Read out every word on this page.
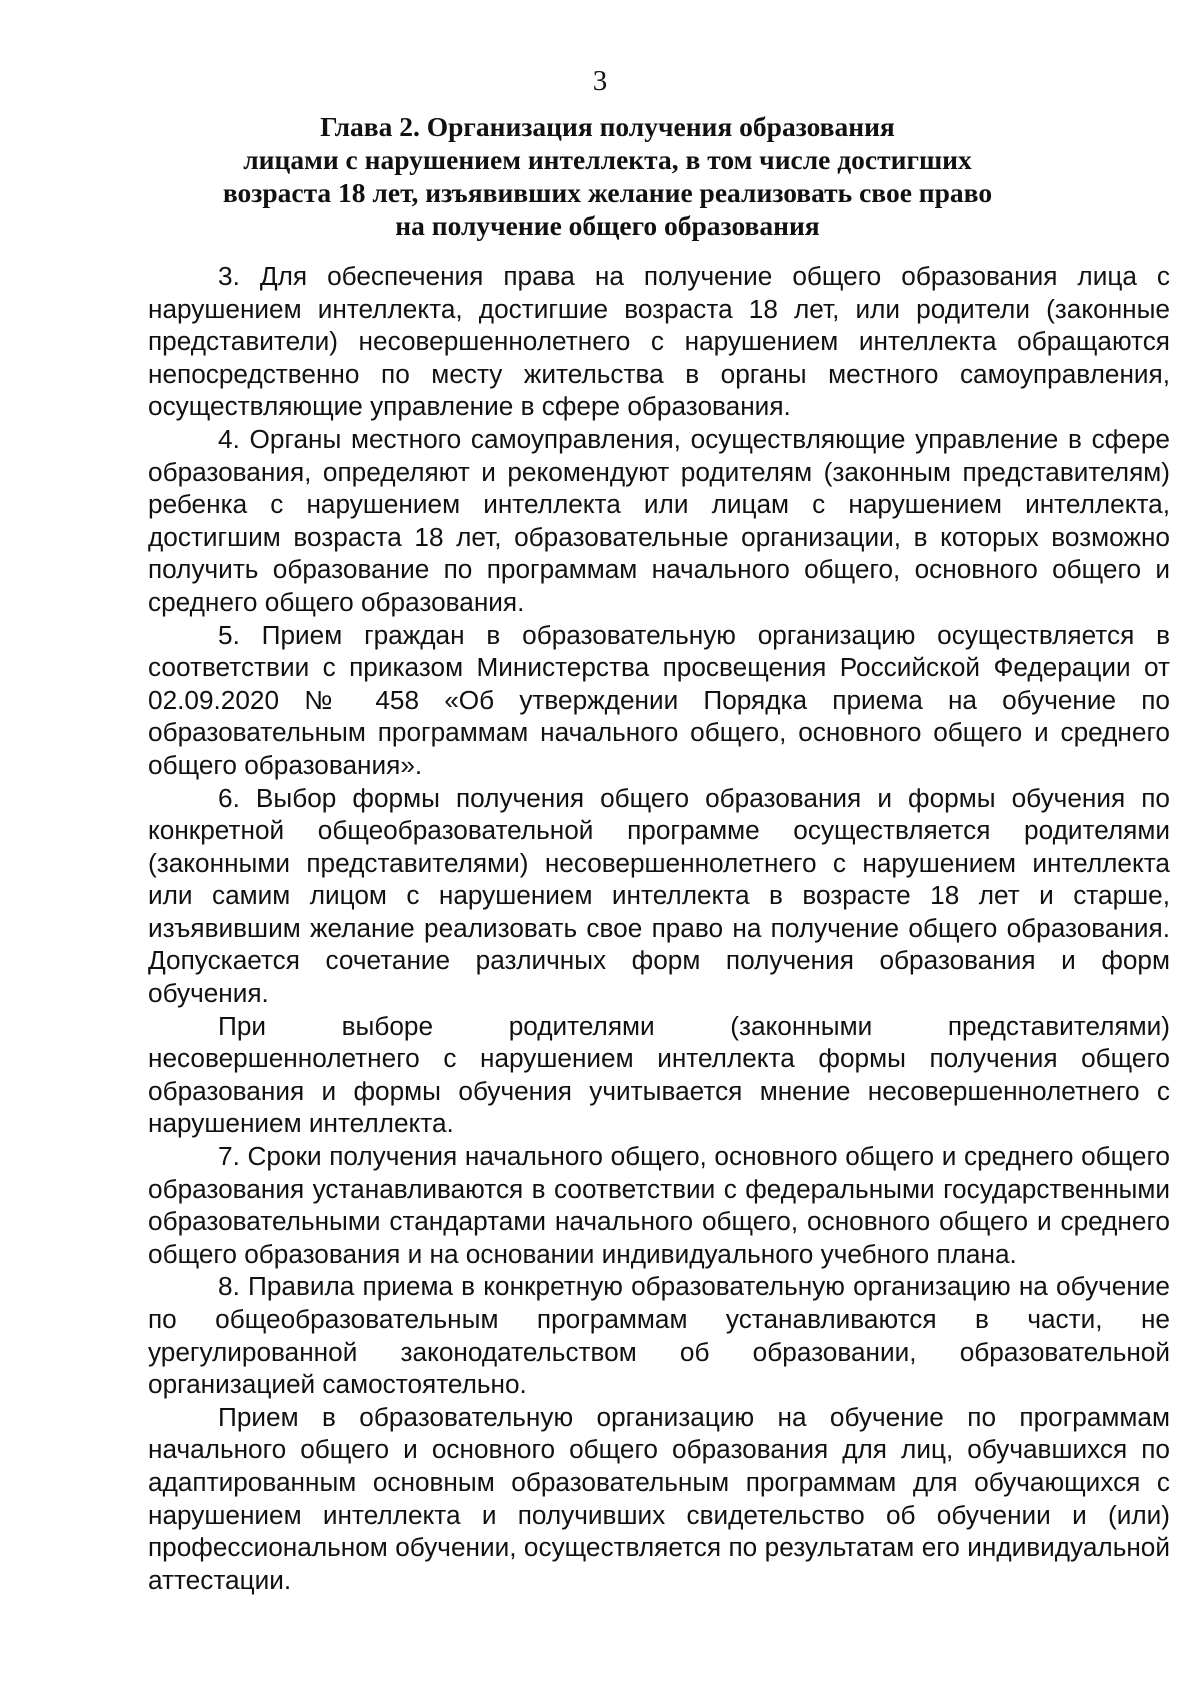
3
Глава 2. Организация получения образования
лицами с нарушением интеллекта, в том числе достигших
возраста 18 лет, изъявивших желание реализовать свое право
на получение общего образования

3. Для обеспечения права на получение общего образования лица с нарушением интеллекта, достигшие возраста 18 лет, или родители (законные представители) несовершеннолетнего с нарушением интеллекта обращаются непосредственно по месту жительства в органы местного самоуправления, осуществляющие управление в сфере образования.

4. Органы местного самоуправления, осуществляющие управление в сфере образования, определяют и рекомендуют родителям (законным представителям) ребенка с нарушением интеллекта или лицам с нарушением интеллекта, достигшим возраста 18 лет, образовательные организации, в которых возможно получить образование по программам начального общего, основного общего и среднего общего образования.

5. Прием граждан в образовательную организацию осуществляется в соответствии с приказом Министерства просвещения Российской Федерации от 02.09.2020 № 458 «Об утверждении Порядка приема на обучение по образовательным программам начального общего, основного общего и среднего общего образования».

6. Выбор формы получения общего образования и формы обучения по конкретной общеобразовательной программе осуществляется родителями (законными представителями) несовершеннолетнего с нарушением интеллекта или самим лицом с нарушением интеллекта в возрасте 18 лет и старше, изъявившим желание реализовать свое право на получение общего образования. Допускается сочетание различных форм получения образования и форм обучения.

При выборе родителями (законными представителями) несовершеннолетнего с нарушением интеллекта формы получения общего образования и формы обучения учитывается мнение несовершеннолетнего с нарушением интеллекта.

7. Сроки получения начального общего, основного общего и среднего общего образования устанавливаются в соответствии с федеральными государственными образовательными стандартами начального общего, основного общего и среднего общего образования и на основании индивидуального учебного плана.

8. Правила приема в конкретную образовательную организацию на обучение по общеобразовательным программам устанавливаются в части, не урегулированной законодательством об образовании, образовательной организацией самостоятельно.

Прием в образовательную организацию на обучение по программам начального общего и основного общего образования для лиц, обучавшихся по адаптированным основным образовательным программам для обучающихся с нарушением интеллекта и получивших свидетельство об обучении и (или) профессиональном обучении, осуществляется по результатам его индивидуальной аттестации.
